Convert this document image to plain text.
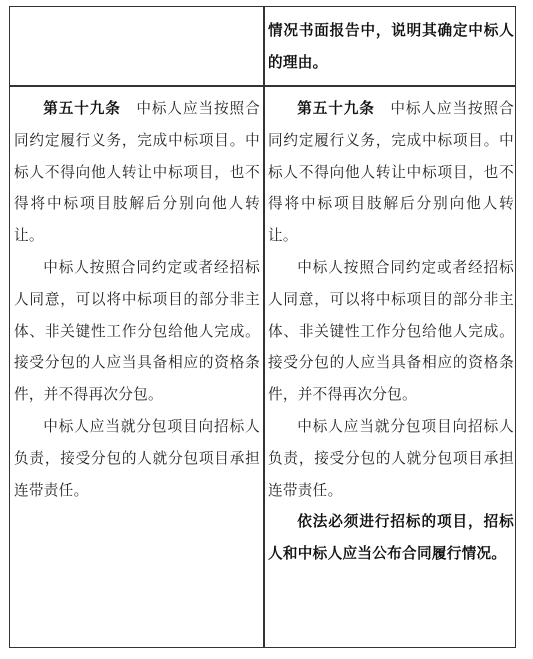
情况书面报告中，说明其确定中标人的理由。

第五十九条　 中标人应当按照合同约定履行义务，完成中标项目。中标人不得向他人转让中标项目，也不得将中标项目肢解后分别向他人转让。

中标人按照合同约定或者经招标人同意，可以将中标项目的部分非主体、非关键性工作分包给他人完成。接受分包的人应当具备相应的资格条件，并不得再次分包。

中标人应当就分包项目向招标人负责，接受分包的人就分包项目承担连带责任。

第五十九条　 中标人应当按照合同约定履行义务，完成中标项目。中标人不得向他人转让中标项目，也不得将中标项目肢解后分别向他人转让。

中标人按照合同约定或者经招标人同意，可以将中标项目的部分非主体、非关键性工作分包给他人完成。接受分包的人应当具备相应的资格条件，并不得再次分包。

中标人应当就分包项目向招标人负责，接受分包的人就分包项目承担连带责任。

依法必须进行招标的项目，招标人和中标人应当公布合同履行情况。
